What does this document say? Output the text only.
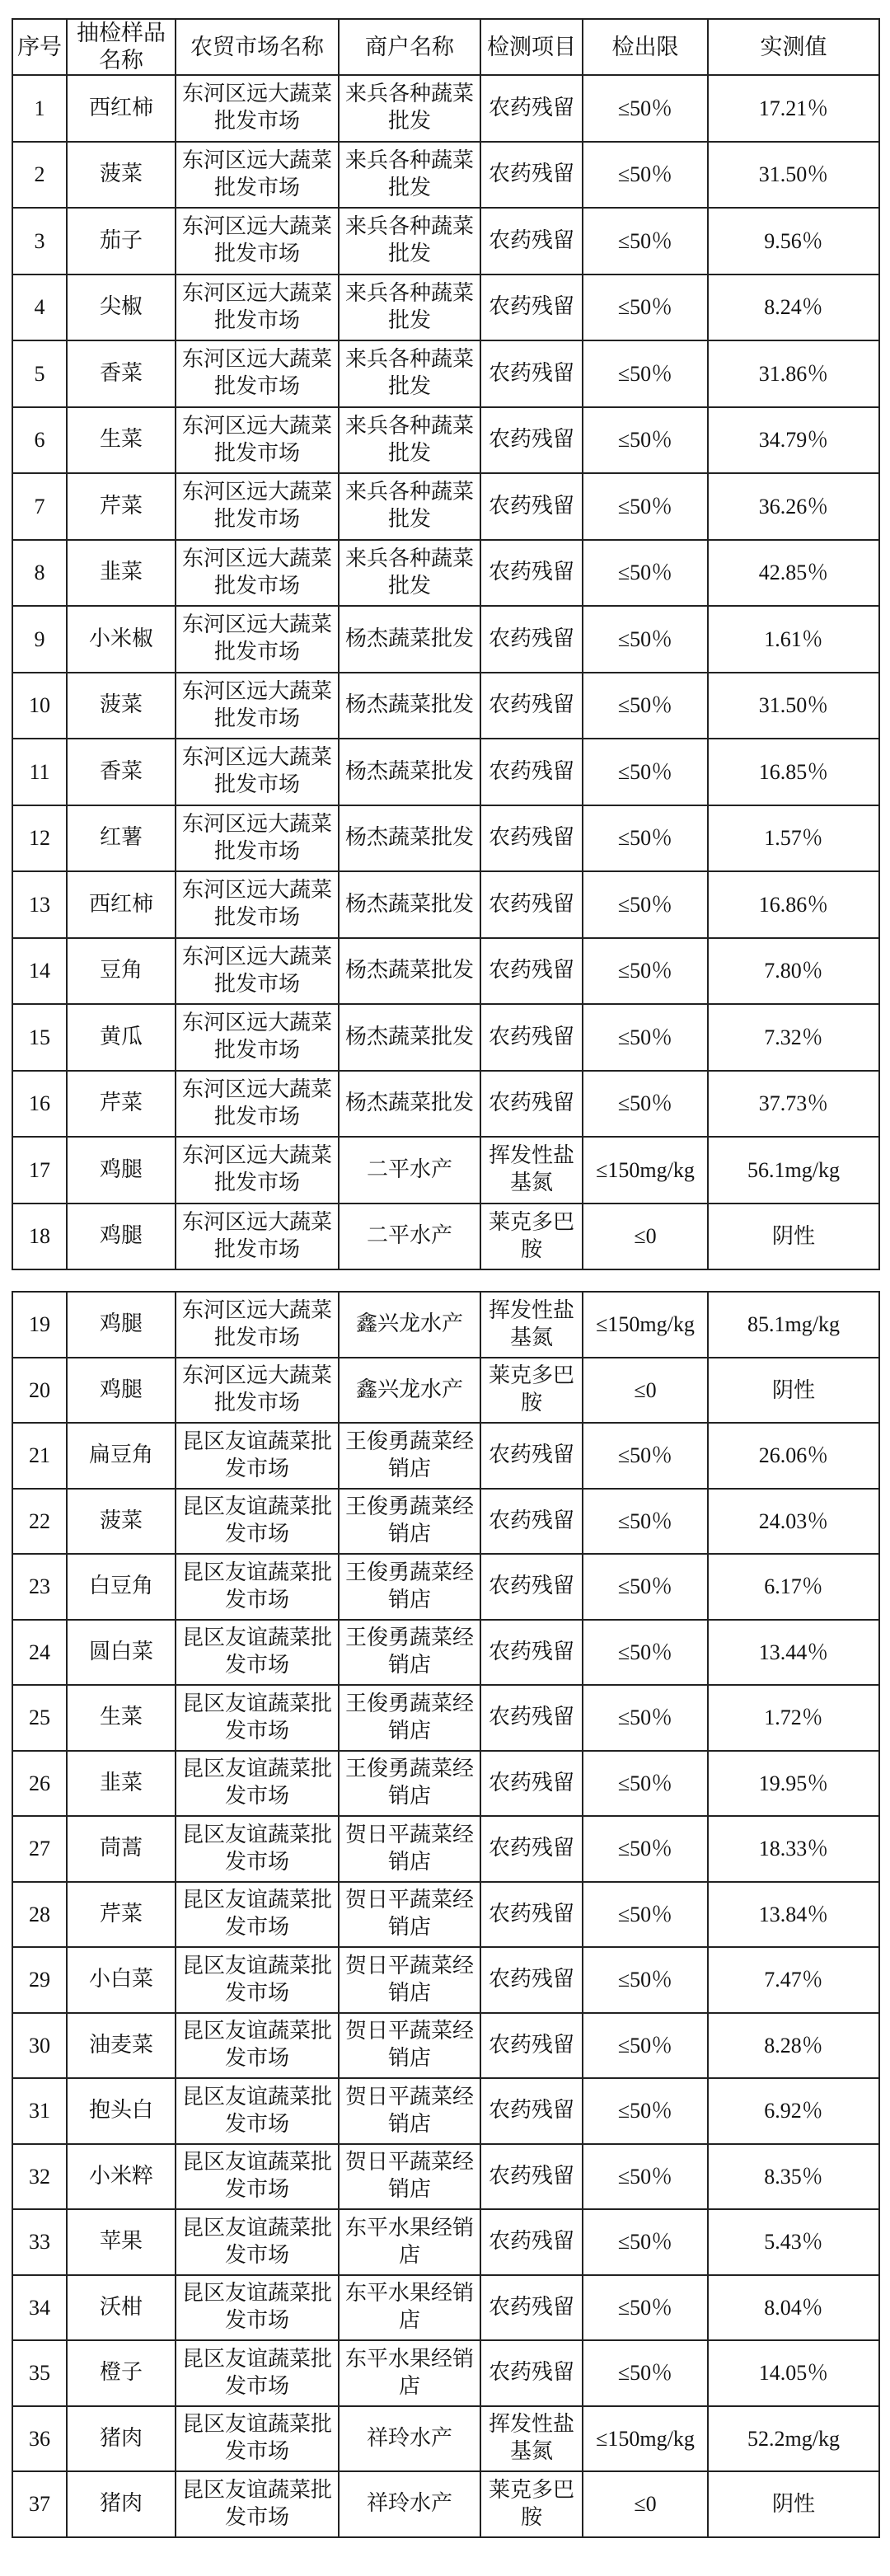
序号	抽检样品名称	农贸市场名称	商户名称	检测项目	检出限	实测值
1	西红柿	东河区远大蔬菜批发市场	来兵各种蔬菜批发	农药残留	≤50％	17.21％
2	菠菜	东河区远大蔬菜批发市场	来兵各种蔬菜批发	农药残留	≤50％	31.50％
3	茄子	东河区远大蔬菜批发市场	来兵各种蔬菜批发	农药残留	≤50％	9.56％
4	尖椒	东河区远大蔬菜批发市场	来兵各种蔬菜批发	农药残留	≤50％	8.24％
5	香菜	东河区远大蔬菜批发市场	来兵各种蔬菜批发	农药残留	≤50％	31.86％
6	生菜	东河区远大蔬菜批发市场	来兵各种蔬菜批发	农药残留	≤50％	34.79％
7	芹菜	东河区远大蔬菜批发市场	来兵各种蔬菜批发	农药残留	≤50％	36.26％
8	韭菜	东河区远大蔬菜批发市场	来兵各种蔬菜批发	农药残留	≤50％	42.85％
9	小米椒	东河区远大蔬菜批发市场	杨杰蔬菜批发	农药残留	≤50％	1.61％
10	菠菜	东河区远大蔬菜批发市场	杨杰蔬菜批发	农药残留	≤50％	31.50％
11	香菜	东河区远大蔬菜批发市场	杨杰蔬菜批发	农药残留	≤50％	16.85％
12	红薯	东河区远大蔬菜批发市场	杨杰蔬菜批发	农药残留	≤50％	1.57％
13	西红柿	东河区远大蔬菜批发市场	杨杰蔬菜批发	农药残留	≤50％	16.86％
14	豆角	东河区远大蔬菜批发市场	杨杰蔬菜批发	农药残留	≤50％	7.80％
15	黄瓜	东河区远大蔬菜批发市场	杨杰蔬菜批发	农药残留	≤50％	7.32％
16	芹菜	东河区远大蔬菜批发市场	杨杰蔬菜批发	农药残留	≤50％	37.73％
17	鸡腿	东河区远大蔬菜批发市场	二平水产	挥发性盐基氮	≤150mg/kg	56.1mg/kg
18	鸡腿	东河区远大蔬菜批发市场	二平水产	莱克多巴胺	≤0	阴性
19	鸡腿	东河区远大蔬菜批发市场	鑫兴龙水产	挥发性盐基氮	≤150mg/kg	85.1mg/kg
20	鸡腿	东河区远大蔬菜批发市场	鑫兴龙水产	莱克多巴胺	≤0	阴性
21	扁豆角	昆区友谊蔬菜批发市场	王俊勇蔬菜经销店	农药残留	≤50％	26.06％
22	菠菜	昆区友谊蔬菜批发市场	王俊勇蔬菜经销店	农药残留	≤50％	24.03％
23	白豆角	昆区友谊蔬菜批发市场	王俊勇蔬菜经销店	农药残留	≤50％	6.17％
24	圆白菜	昆区友谊蔬菜批发市场	王俊勇蔬菜经销店	农药残留	≤50％	13.44％
25	生菜	昆区友谊蔬菜批发市场	王俊勇蔬菜经销店	农药残留	≤50％	1.72％
26	韭菜	昆区友谊蔬菜批发市场	王俊勇蔬菜经销店	农药残留	≤50％	19.95％
27	茼蒿	昆区友谊蔬菜批发市场	贺日平蔬菜经销店	农药残留	≤50％	18.33％
28	芹菜	昆区友谊蔬菜批发市场	贺日平蔬菜经销店	农药残留	≤50％	13.84％
29	小白菜	昆区友谊蔬菜批发市场	贺日平蔬菜经销店	农药残留	≤50％	7.47％
30	油麦菜	昆区友谊蔬菜批发市场	贺日平蔬菜经销店	农药残留	≤50％	8.28％
31	抱头白	昆区友谊蔬菜批发市场	贺日平蔬菜经销店	农药残留	≤50％	6.92％
32	小米粹	昆区友谊蔬菜批发市场	贺日平蔬菜经销店	农药残留	≤50％	8.35％
33	苹果	昆区友谊蔬菜批发市场	东平水果经销店	农药残留	≤50％	5.43％
34	沃柑	昆区友谊蔬菜批发市场	东平水果经销店	农药残留	≤50％	8.04％
35	橙子	昆区友谊蔬菜批发市场	东平水果经销店	农药残留	≤50％	14.05％
36	猪肉	昆区友谊蔬菜批发市场	祥玲水产	挥发性盐基氮	≤150mg/kg	52.2mg/kg
37	猪肉	昆区友谊蔬菜批发市场	祥玲水产	莱克多巴胺	≤0	阴性
